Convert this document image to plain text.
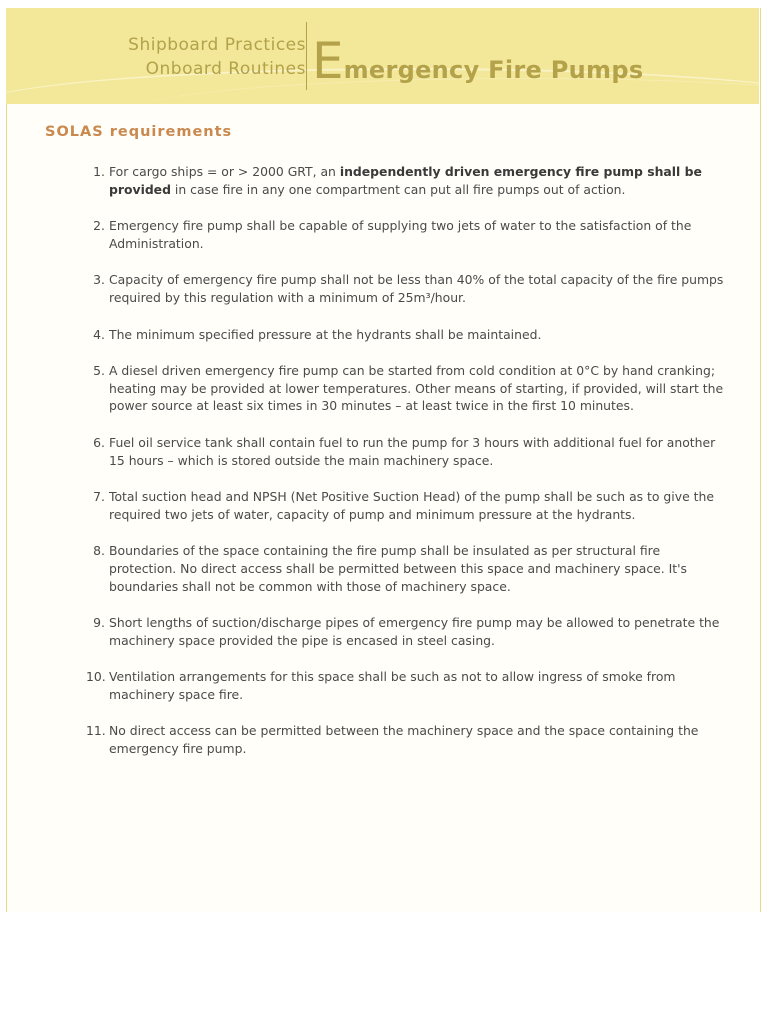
Shipboard Practices
Onboard Routines Emergency Fire Pumps
SOLAS requirements
1. For cargo ships = or > 2000 GRT, an independently driven emergency fire pump shall be provided in case fire in any one compartment can put all fire pumps out of action.
2. Emergency fire pump shall be capable of supplying two jets of water to the satisfaction of the Administration.
3. Capacity of emergency fire pump shall not be less than 40% of the total capacity of the fire pumps required by this regulation with a minimum of 25m³/hour.
4. The minimum specified pressure at the hydrants shall be maintained.
5. A diesel driven emergency fire pump can be started from cold condition at 0°C by hand cranking; heating may be provided at lower temperatures. Other means of starting, if provided, will start the power source at least six times in 30 minutes – at least twice in the first 10 minutes.
6. Fuel oil service tank shall contain fuel to run the pump for 3 hours with additional fuel for another 15 hours – which is stored outside the main machinery space.
7. Total suction head and NPSH (Net Positive Suction Head) of the pump shall be such as to give the required two jets of water, capacity of pump and minimum pressure at the hydrants.
8. Boundaries of the space containing the fire pump shall be insulated as per structural fire protection. No direct access shall be permitted between this space and machinery space. It's boundaries shall not be common with those of machinery space.
9. Short lengths of suction/discharge pipes of emergency fire pump may be allowed to penetrate the machinery space provided the pipe is encased in steel casing.
10. Ventilation arrangements for this space shall be such as not to allow ingress of smoke from machinery space fire.
11. No direct access can be permitted between the machinery space and the space containing the emergency fire pump.
